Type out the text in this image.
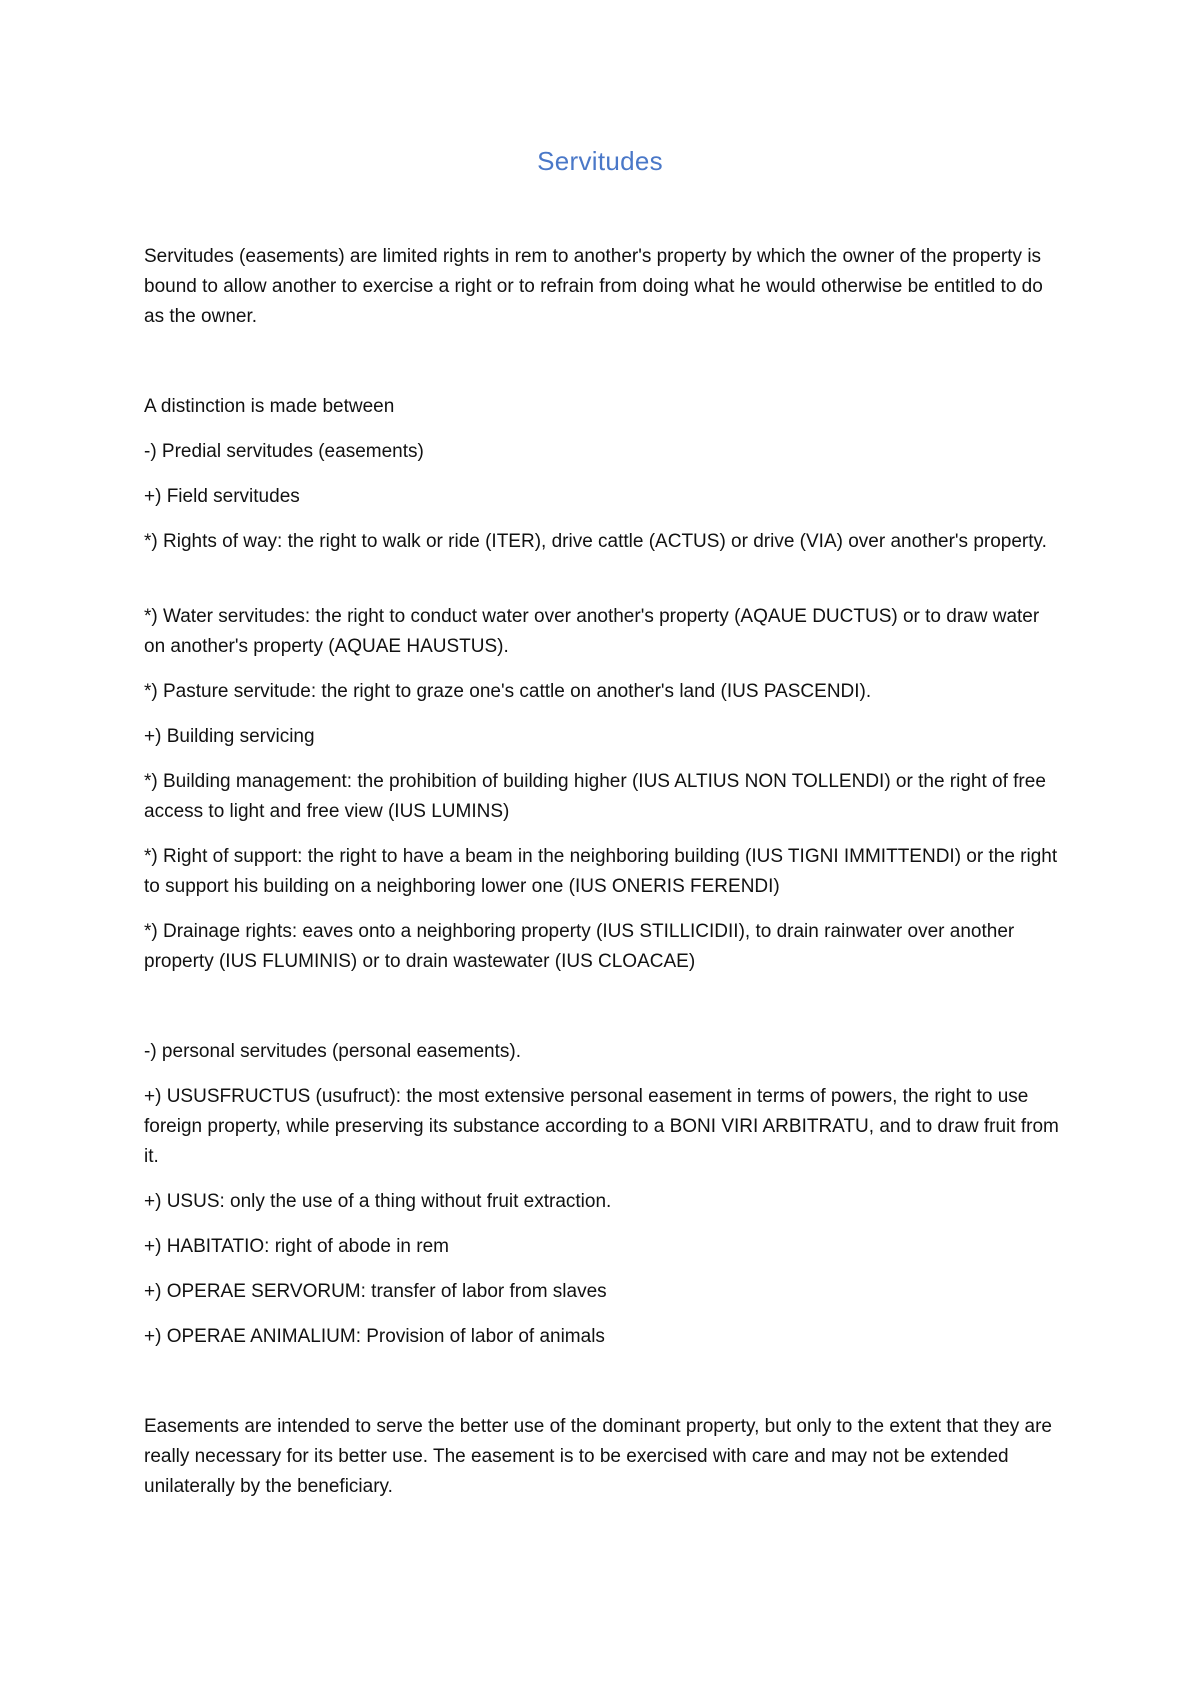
Servitudes

Servitudes (easements) are limited rights in rem to another's property by which the owner of the property is bound to allow another to exercise a right or to refrain from doing what he would otherwise be entitled to do as the owner.

A distinction is made between

-) Predial servitudes (easements)

+) Field servitudes

*) Rights of way: the right to walk or ride (ITER), drive cattle (ACTUS) or drive (VIA) over another's property.

*) Water servitudes: the right to conduct water over another's property (AQAUE DUCTUS) or to draw water on another's property (AQUAE HAUSTUS).

*) Pasture servitude: the right to graze one's cattle on another's land (IUS PASCENDI).

+) Building servicing

*) Building management: the prohibition of building higher (IUS ALTIUS NON TOLLENDI) or the right of free access to light and free view (IUS LUMINS)

*) Right of support: the right to have a beam in the neighboring building (IUS TIGNI IMMITTENDI) or the right to support his building on a neighboring lower one (IUS ONERIS FERENDI)

*) Drainage rights: eaves onto a neighboring property (IUS STILLICIDII), to drain rainwater over another property (IUS FLUMINIS) or to drain wastewater (IUS CLOACAE)

-) personal servitudes (personal easements).

+) USUSFRUCTUS (usufruct): the most extensive personal easement in terms of powers, the right to use foreign property, while preserving its substance according to a BONI VIRI ARBITRATU, and to draw fruit from it.

+) USUS: only the use of a thing without fruit extraction.

+) HABITATIO: right of abode in rem

+) OPERAE SERVORUM: transfer of labor from slaves

+) OPERAE ANIMALIUM: Provision of labor of animals

Easements are intended to serve the better use of the dominant property, but only to the extent that they are really necessary for its better use. The easement is to be exercised with care and may not be extended unilaterally by the beneficiary.
